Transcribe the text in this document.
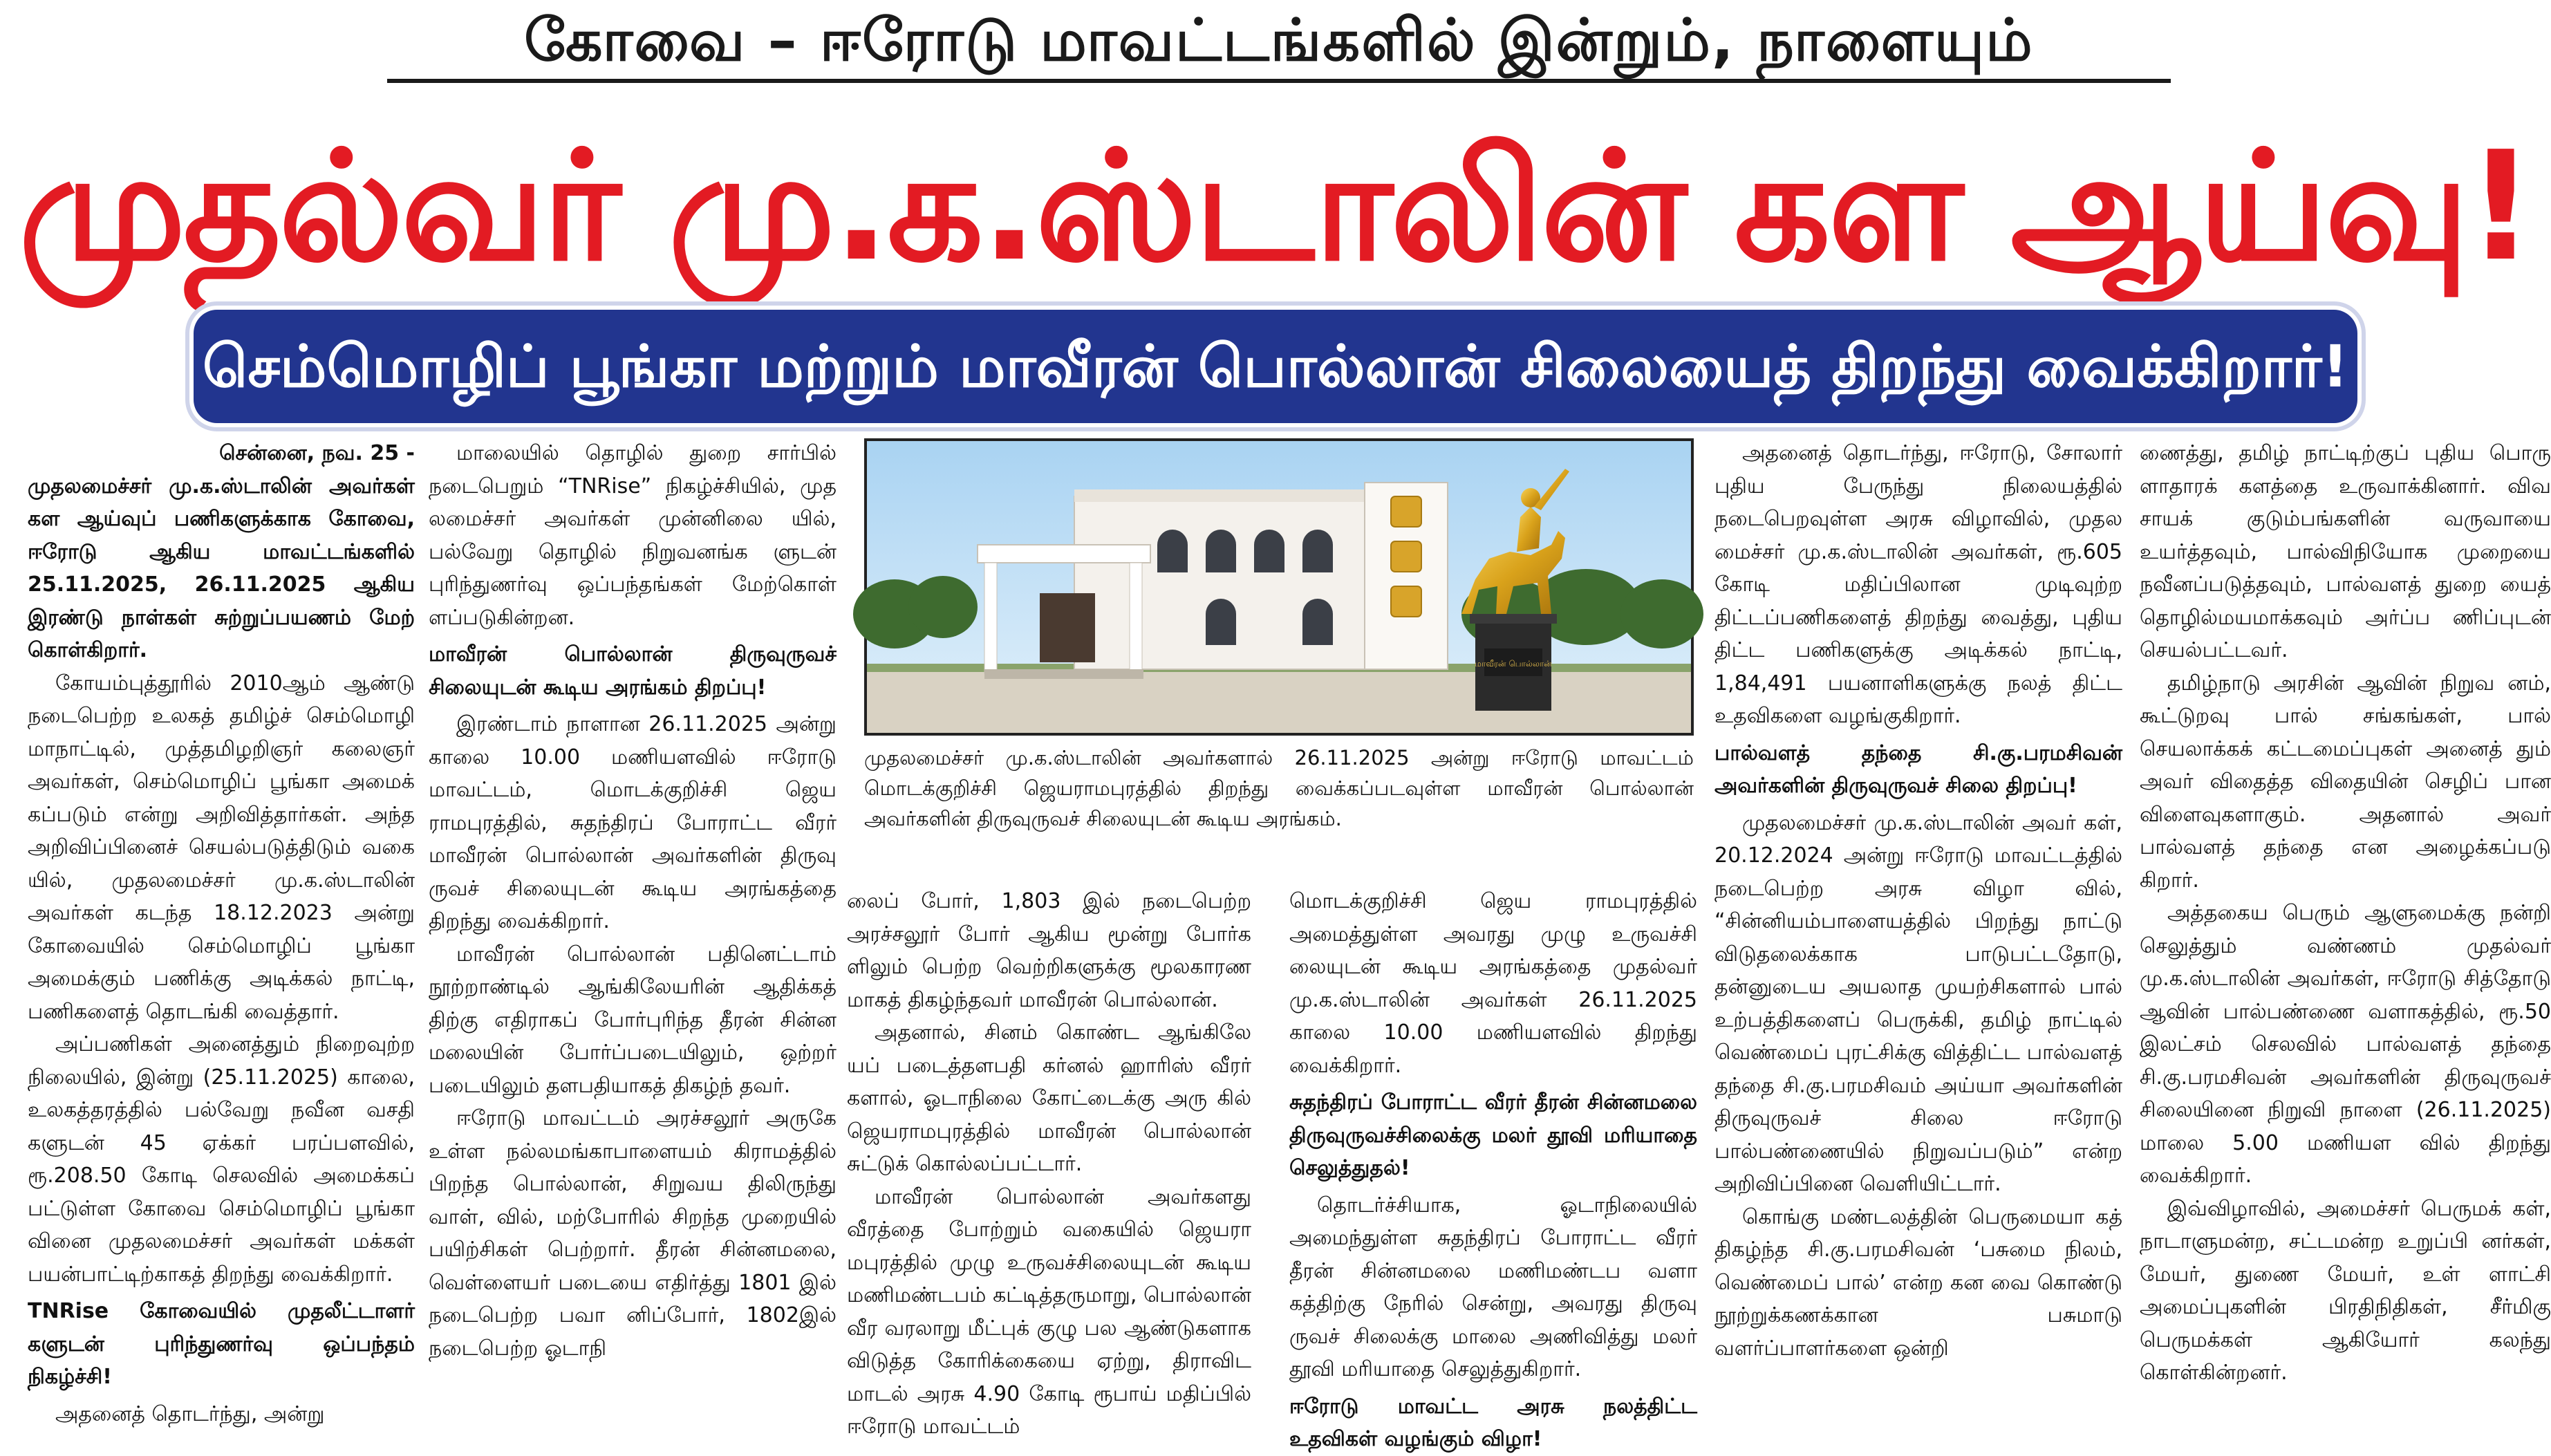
கோவை – ஈரோடு மாவட்டங்களில் இன்றும், நாளையும்
முதல்வர் மு.க.ஸ்டாலின் கள ஆய்வு!
செம்மொழிப் பூங்கா மற்றும் மாவீரன் பொல்லான் சிலையைத் திறந்து வைக்கிறார்!

சென்னை, நவ. 25 -

முதலமைச்சர் மு.க.ஸ்டாலின் அவர்கள் கள ஆய்வுப் பணிகளுக்காக கோவை, ஈரோடு ஆகிய மாவட்டங்களில் 25.11.2025, 26.11.2025 ஆகிய இரண்டு நாள்கள் சுற்றுப்பயணம் மேற் கொள்கிறார்.

கோயம்புத்தூரில் 2010ஆம் ஆண்டு நடைபெற்ற உலகத் தமிழ்ச் செம்மொழி மாநாட்டில், முத்தமிழறிஞர் கலைஞர் அவர்கள், செம்மொழிப் பூங்கா அமைக் கப்படும் என்று அறிவித்தார்கள். அந்த அறிவிப்பினைச் செயல்படுத்திடும் வகை யில், முதலமைச்சர் மு.க.ஸ்டாலின் அவர்கள் கடந்த 18.12.2023 அன்று கோவையில் செம்மொழிப் பூங்கா அமைக்கும் பணிக்கு அடிக்கல் நாட்டி, பணிகளைத் தொடங்கி வைத்தார்.

அப்பணிகள் அனைத்தும் நிறைவுற்ற நிலையில், இன்று (25.11.2025) காலை, உலகத்தரத்தில் பல்வேறு நவீன வசதி களுடன் 45 ஏக்கர் பரப்பளவில், ரூ.208.50 கோடி செலவில் அமைக்கப் பட்டுள்ள கோவை செம்மொழிப் பூங்கா வினை முதலமைச்சர் அவர்கள் மக்கள் பயன்பாட்டிற்காகத் திறந்து வைக்கிறார்.

TNRise கோவையில் முதலீட்டாளர் களுடன் புரிந்துணர்வு ஒப்பந்தம் நிகழ்ச்சி!

அதனைத் தொடர்ந்து, அன்று

மாலையில் தொழில் துறை சார்பில் நடைபெறும் “TNRise” நிகழ்ச்சியில், முத லமைச்சர் அவர்கள் முன்னிலை யில், பல்வேறு தொழில் நிறுவனங்க ளுடன் புரிந்துணர்வு ஒப்பந்தங்கள் மேற்கொள் ளப்படுகின்றன.

மாவீரன் பொல்லான் திருவுருவச் சிலையுடன் கூடிய அரங்கம் திறப்பு!

இரண்டாம் நாளான 26.11.2025 அன்று காலை 10.00 மணியளவில் ஈரோடு மாவட்டம், மொடக்குறிச்சி ஜெய ராமபுரத்தில், சுதந்திரப் போராட்ட வீரர் மாவீரன் பொல்லான் அவர்களின் திருவு ருவச் சிலையுடன் கூடிய அரங்கத்தை திறந்து வைக்கிறார்.

மாவீரன் பொல்லான் பதினெட்டாம் நூற்றாண்டில் ஆங்கிலேயரின் ஆதிக்கத் திற்கு எதிராகப் போர்புரிந்த தீரன் சின்ன மலையின் போர்ப்படையிலும், ஒற்றர் படையிலும் தளபதியாகத் திகழ்ந் தவர்.

ஈரோடு மாவட்டம் அரச்சலூர் அருகே உள்ள நல்லமங்காபாளையம் கிராமத்தில் பிறந்த பொல்லான், சிறுவய திலிருந்து வாள், வில், மற்போரில் சிறந்த முறையில் பயிற்சிகள் பெற்றார். தீரன் சின்னமலை, வெள்ளையர் படையை எதிர்த்து 1801 இல் நடைபெற்ற பவா னிப்போர், 1802இல் நடைபெற்ற ஓடாநி

மாவீரன் பொல்லான்
முதலமைச்சர் மு.க.ஸ்டாலின் அவர்களால் 26.11.2025 அன்று ஈரோடு மாவட்டம் மொடக்குறிச்சி ஜெயராமபுரத்தில் திறந்து வைக்கப்படவுள்ள மாவீரன் பொல்லான் அவர்களின் திருவுருவச் சிலையுடன் கூடிய அரங்கம்.

லைப் போர், 1,803 இல் நடைபெற்ற அரச்சலூர் போர் ஆகிய மூன்று போர்க ளிலும் பெற்ற வெற்றிகளுக்கு மூலகாரண மாகத் திகழ்ந்தவர் மாவீரன் பொல்லான்.

அதனால், சினம் கொண்ட ஆங்கிலே யப் படைத்தளபதி கர்னல் ஹாரிஸ் வீரர் களால், ஓடாநிலை கோட்டைக்கு அரு கில் ஜெயராமபுரத்தில் மாவீரன் பொல்லான் சுட்டுக் கொல்லப்பட்டார்.

மாவீரன் பொல்லான் அவர்களது வீரத்தை போற்றும் வகையில் ஜெயரா மபுரத்தில் முழு உருவச்சிலையுடன் கூடிய மணிமண்டபம் கட்டித்தருமாறு, பொல்லான் வீர வரலாறு மீட்புக் குழு பல ஆண்டுகளாக விடுத்த கோரிக்கையை ஏற்று, திராவிட மாடல் அரசு 4.90 கோடி ரூபாய் மதிப்பில் ஈரோடு மாவட்டம்

மொடக்குறிச்சி ஜெய ராமபுரத்தில் அமைத்துள்ள அவரது முழு உருவச்சி லையுடன் கூடிய அரங்கத்தை முதல்வர் மு.க.ஸ்டாலின் அவர்கள் 26.11.2025 காலை 10.00 மணியளவில் திறந்து வைக்கிறார்.

சுதந்திரப் போராட்ட வீரர் தீரன் சின்னமலை திருவுருவச்சிலைக்கு மலர் தூவி மரியாதை செலுத்துதல்!

தொடர்ச்சியாக, ஓடாநிலையில் அமைந்துள்ள சுதந்திரப் போராட்ட வீரர் தீரன் சின்னமலை மணிமண்டப வளா கத்திற்கு நேரில் சென்று, அவரது திருவு ருவச் சிலைக்கு மாலை அணிவித்து மலர் தூவி மரியாதை செலுத்துகிறார்.

ஈரோடு மாவட்ட அரசு நலத்திட்ட உதவிகள் வழங்கும் விழா!

அதனைத் தொடர்ந்து, ஈரோடு, சோலார் புதிய பேருந்து நிலையத்தில் நடைபெறவுள்ள அரசு விழாவில், முதல மைச்சர் மு.க.ஸ்டாலின் அவர்கள், ரூ.605 கோடி மதிப்பிலான முடிவுற்ற திட்டப்பணிகளைத் திறந்து வைத்து, புதிய திட்ட பணிகளுக்கு அடிக்கல் நாட்டி, 1,84,491 பயனாளிகளுக்கு நலத் திட்ட உதவிகளை வழங்குகிறார்.

பால்வளத் தந்தை சி.கு.பரமசிவன் அவர்களின் திருவுருவச் சிலை திறப்பு!

முதலமைச்சர் மு.க.ஸ்டாலின் அவர் கள், 20.12.2024 அன்று ஈரோடு மாவட்டத்தில் நடைபெற்ற அரசு விழா வில், “சின்னியம்பாளையத்தில் பிறந்து நாட்டு விடுதலைக்காக பாடுபட்டதோடு, தன்னுடைய அயலாத முயற்சிகளால் பால் உற்பத்திகளைப் பெருக்கி, தமிழ் நாட்டில் வெண்மைப் புரட்சிக்கு வித்திட்ட பால்வளத் தந்தை சி.கு.பரமசிவம் அய்யா அவர்களின் திருவுருவச் சிலை ஈரோடு பால்பண்ணையில் நிறுவப்படும்” என்ற அறிவிப்பினை வெளியிட்டார்.

கொங்கு மண்டலத்தின் பெருமையா கத் திகழ்ந்த சி.கு.பரமசிவன் ‘பசுமை நிலம், வெண்மைப் பால்’ என்ற கன வை கொண்டு நூற்றுக்கணக்கான பசுமாடு வளர்ப்பாளர்களை ஒன்றி

ணைத்து, தமிழ் நாட்டிற்குப் புதிய பொரு ளாதாரக் களத்தை உருவாக்கினார். விவ சாயக் குடும்பங்களின் வருவாயை உயர்த்தவும், பால்விநியோக முறையை நவீனப்படுத்தவும், பால்வளத் துறை யைத் தொழில்மயமாக்கவும் அர்ப்ப ணிப்புடன் செயல்பட்டவர்.

தமிழ்நாடு அரசின் ஆவின் நிறுவ னம், கூட்டுறவு பால் சங்கங்கள், பால் செயலாக்கக் கட்டமைப்புகள் அனைத் தும் அவர் விதைத்த விதையின் செழிப் பான விளைவுகளாகும். அதனால் அவர் பால்வளத் தந்தை என அழைக்கப்படு கிறார்.

அத்தகைய பெரும் ஆளுமைக்கு நன்றி செலுத்தும் வண்ணம் முதல்வர் மு.க.ஸ்டாலின் அவர்கள், ஈரோடு சித்தோடு ஆவின் பால்பண்ணை வளாகத்தில், ரூ.50 இலட்சம் செலவில் பால்வளத் தந்தை சி.கு.பரமசிவன் அவர்களின் திருவுருவச் சிலையினை நிறுவி நாளை (26.11.2025) மாலை 5.00 மணியள வில் திறந்து வைக்கிறார்.

இவ்விழாவில், அமைச்சர் பெருமக் கள், நாடாளுமன்ற, சட்டமன்ற உறுப்பி னர்கள், மேயர், துணை மேயர், உள் ளாட்சி அமைப்புகளின் பிரதிநிதிகள், சீர்மிகு பெருமக்கள் ஆகியோர் கலந்து கொள்கின்றனர்.
